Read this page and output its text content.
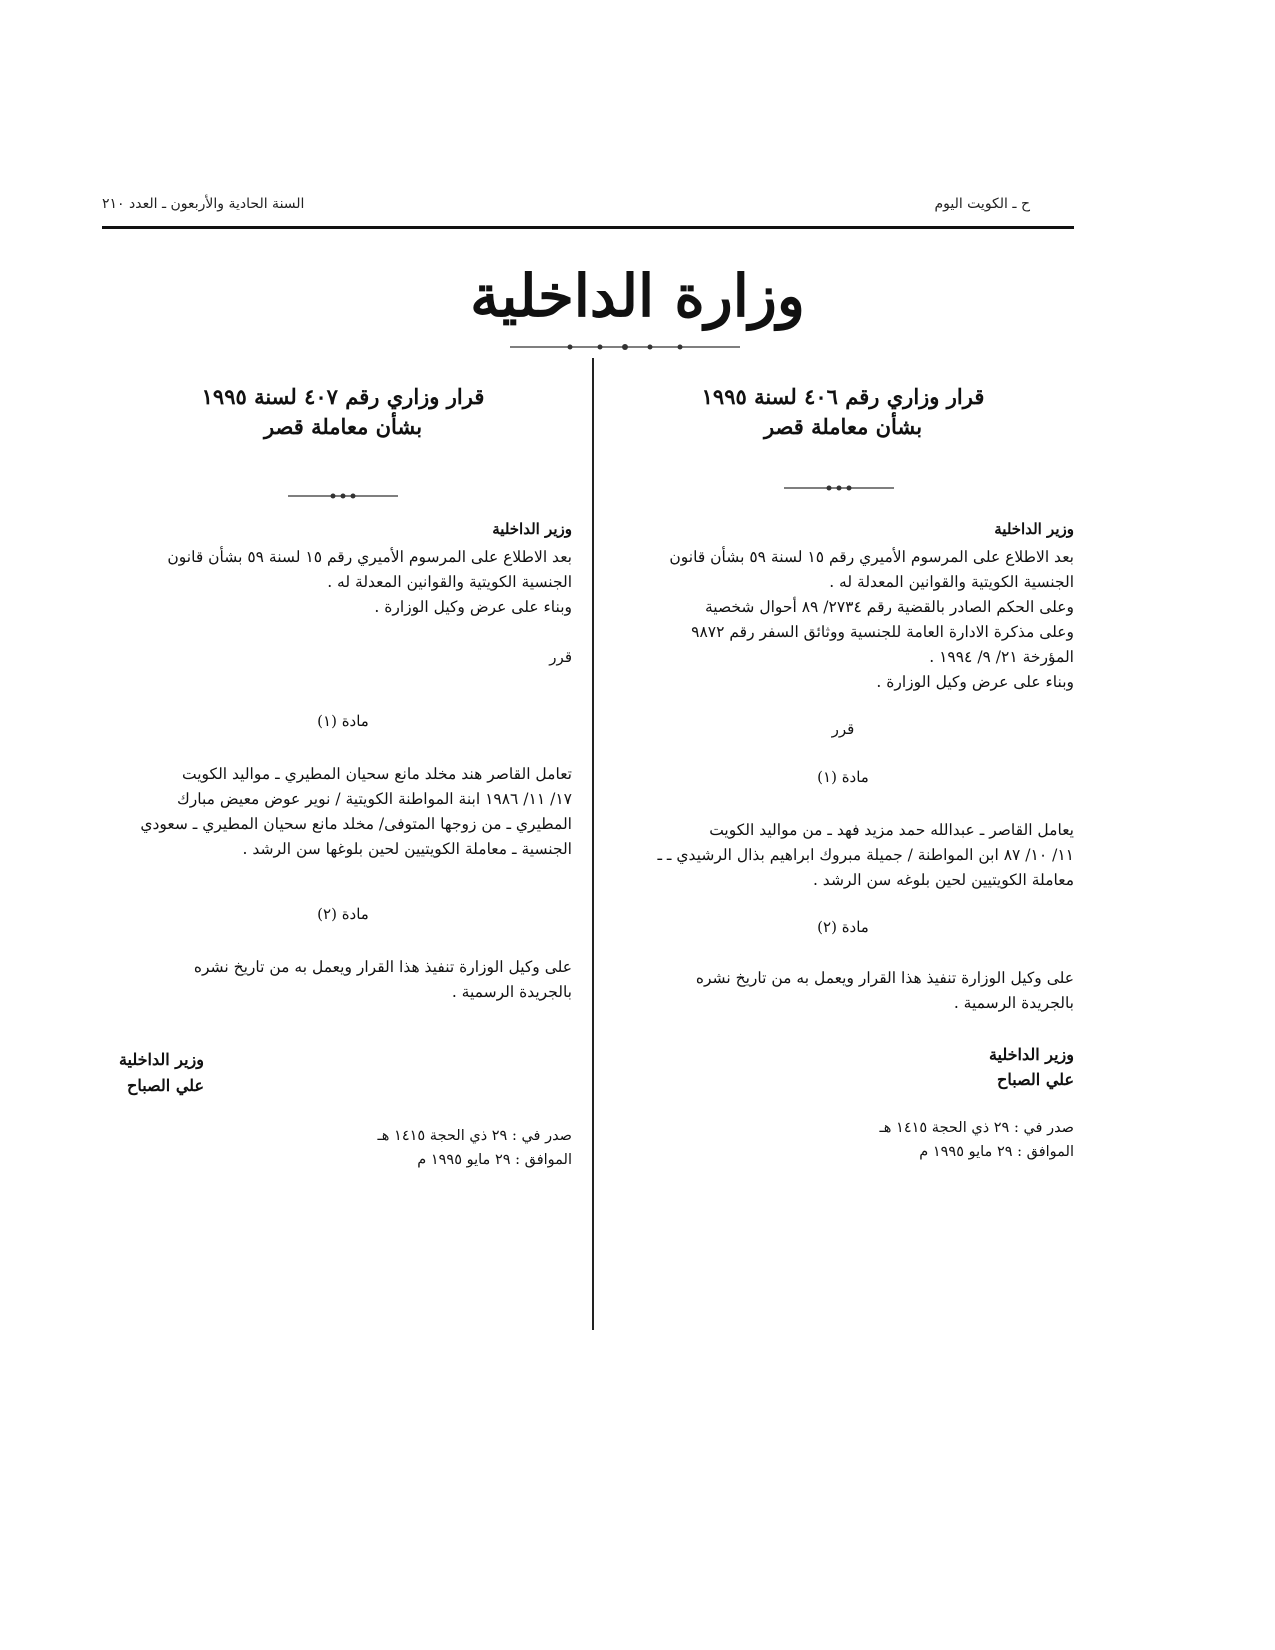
ح ـ الكويت اليوم
السنة الحادية والأربعون ـ العدد ٢١٠
وزارة الداخلية
قرار وزاري رقم ٤٠٦ لسنة ١٩٩٥
بشأن معاملة قصر
وزير الداخلية
بعد الاطلاع على المرسوم الأميري رقم ١٥ لسنة ٥٩ بشأن قانون
الجنسية الكويتية والقوانين المعدلة له .
وعلى الحكم الصادر بالقضية رقم ٢٧٣٤/ ٨٩ أحوال شخصية
وعلى مذكرة الادارة العامة للجنسية ووثائق السفر رقم ٩٨٧٢
المؤرخة ٢١/ ٩/ ١٩٩٤ .
وبناء على عرض وكيل الوزارة .
قرر
مادة (١)
يعامل القاصر ـ عبدالله حمد مزيد فهد ـ من مواليد الكويت
١١/ ١٠/ ٨٧ ابن المواطنة / جميلة مبروك ابراهيم بذال الرشيدي ـ ـ
معاملة الكويتيين لحين بلوغه سن الرشد .
مادة (٢)
على وكيل الوزارة تنفيذ هذا القرار ويعمل به من تاريخ نشره
بالجريدة الرسمية .
وزير الداخلية
علي الصباح
صدر في : ٢٩ ذي الحجة ١٤١٥ هـ
الموافق : ٢٩ مايو ١٩٩٥ م
قرار وزاري رقم ٤٠٧ لسنة ١٩٩٥
بشأن معاملة قصر
وزير الداخلية
بعد الاطلاع على المرسوم الأميري رقم ١٥ لسنة ٥٩ بشأن قانون
الجنسية الكويتية والقوانين المعدلة له .
وبناء على عرض وكيل الوزارة .
قرر
مادة (١)
تعامل القاصر هند مخلد مانع سحيان المطيري ـ مواليد الكويت
١٧/ ١١/ ١٩٨٦ ابنة المواطنة الكويتية / نوير عوض معيض مبارك
المطيري ـ من زوجها المتوفى/ مخلد مانع سحيان المطيري ـ سعودي
الجنسية ـ معاملة الكويتيين لحين بلوغها سن الرشد .
مادة (٢)
على وكيل الوزارة تنفيذ هذا القرار ويعمل به من تاريخ نشره
بالجريدة الرسمية .
وزير الداخلية
علي الصباح
صدر في : ٢٩ ذي الحجة ١٤١٥ هـ
الموافق : ٢٩ مايو ١٩٩٥ م
